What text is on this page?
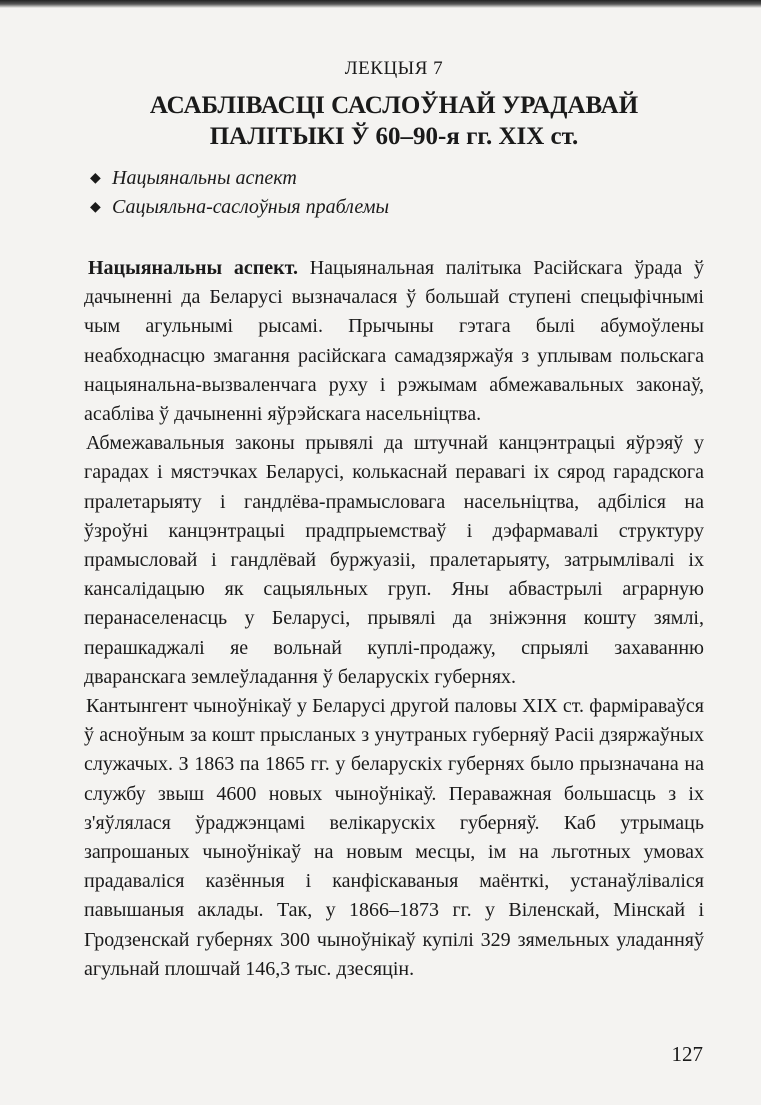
ЛЕКЦЫЯ 7
АСАБЛІВАСЦІ САСЛОЎНАЙ УРАДАВАЙ
ПАЛІТЫКІ Ў 60–90-я гг. XIX ст.
◆ Нацыянальны аспект
◆ Сацыяльна-саслоўныя праблемы

Нацыянальны аспект. Нацыянальная палітыка Расійскага ўрада ў дачыненні да Беларусі вызначалася ў большай ступені спецыфічнымі чым агульнымі рысамі. Прычыны гэтага былі абумоўлены неабходнасцю змагання расійскага самадзяржаўя з уплывам польскага нацыянальна-вызваленчага руху і рэжымам абмежавальных законаў, асабліва ў дачыненні яўрэйскага насельніцтва.

Абмежавальныя законы прывялі да штучнай канцэнтрацыі яўрэяў у гарадах і мястэчках Беларусі, колькаснай перавагі іх сярод гарадскога пралетарыяту і гандлёва-прамысловага насельніцтва, адбіліся на ўзроўні канцэнтрацыі прадпрыемстваў і дэфармавалі структуру прамысловай і гандлёвай буржуазіі, пралетарыяту, затрымлівалі іх кансалідацыю як сацыяльных груп. Яны абвастрылі аграрную перанаселенасць у Беларусі, прывялі да зніжэння кошту зямлі, перашкаджалі яе вольнай куплі-продажу, спрыялі захаванню дваранскага землеўладання ў беларускіх губернях.

Кантынгент чыноўнікаў у Беларусі другой паловы XIX ст. фарміраваўся ў асноўным за кошт прысланых з унутраных губерняў Расіі дзяржаўных служачых. З 1863 па 1865 гг. у беларускіх губернях было прызначана на службу звыш 4600 новых чыноўнікаў. Пераважная большасць з іх з'яўлялася ўраджэнцамі велікарускіх губерняў. Каб утрымаць запрошаных чыноўнікаў на новым месцы, ім на льготных умовах прадаваліся казённыя і канфіскаваныя маёнткі, устанаўліваліся павышаныя аклады. Так, у 1866–1873 гг. у Віленскай, Мінскай і Гродзенскай губернях 300 чыноўнікаў купілі 329 зямельных уладанняў агульнай плошчай 146,3 тыс. дзесяцін.

127
